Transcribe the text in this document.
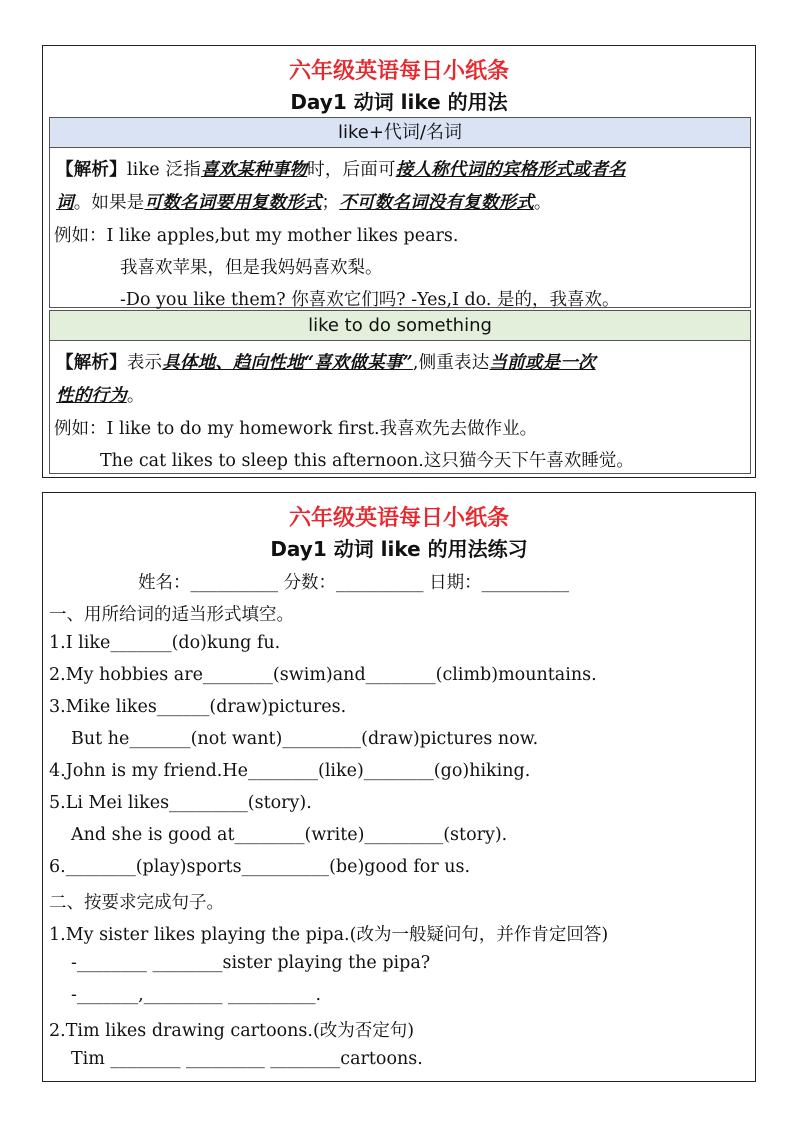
六年级英语每日小纸条
Day1 动词 like 的用法
like+代词/名词
【解析】like 泛指喜欢某种事物时，后面可接人称代词的宾格形式或者名
词。如果是可数名词要用复数形式；不可数名词没有复数形式。
例如：I like apples,but my mother likes pears.
我喜欢苹果，但是我妈妈喜欢梨。
-Do you like them? 你喜欢它们吗? -Yes,I do. 是的，我喜欢。
like to do something
【解析】表示具体地、趋向性地“喜欢做某事”,侧重表达当前或是一次
性的行为。
例如：I like to do my homework first.我喜欢先去做作业。
The cat likes to sleep this afternoon.这只猫今天下午喜欢睡觉。
六年级英语每日小纸条
Day1 动词 like 的用法练习
姓名：__________ 分数：__________ 日期：__________
一、用所给词的适当形式填空。
1.I like_______(do)kung fu.
2.My hobbies are________(swim)and________(climb)mountains.
3.Mike likes______(draw)pictures.
But he_______(not want)_________(draw)pictures now.
4.John is my friend.He________(like)________(go)hiking.
5.Li Mei likes_________(story).
And she is good at________(write)_________(story).
6.________(play)sports__________(be)good for us.
二、按要求完成句子。
1.My sister likes playing the pipa.(改为一般疑问句，并作肯定回答)
-________ ________sister playing the pipa?
-_______,_________ __________.
2.Tim likes drawing cartoons.(改为否定句)
Tim ________ _________ ________cartoons.
